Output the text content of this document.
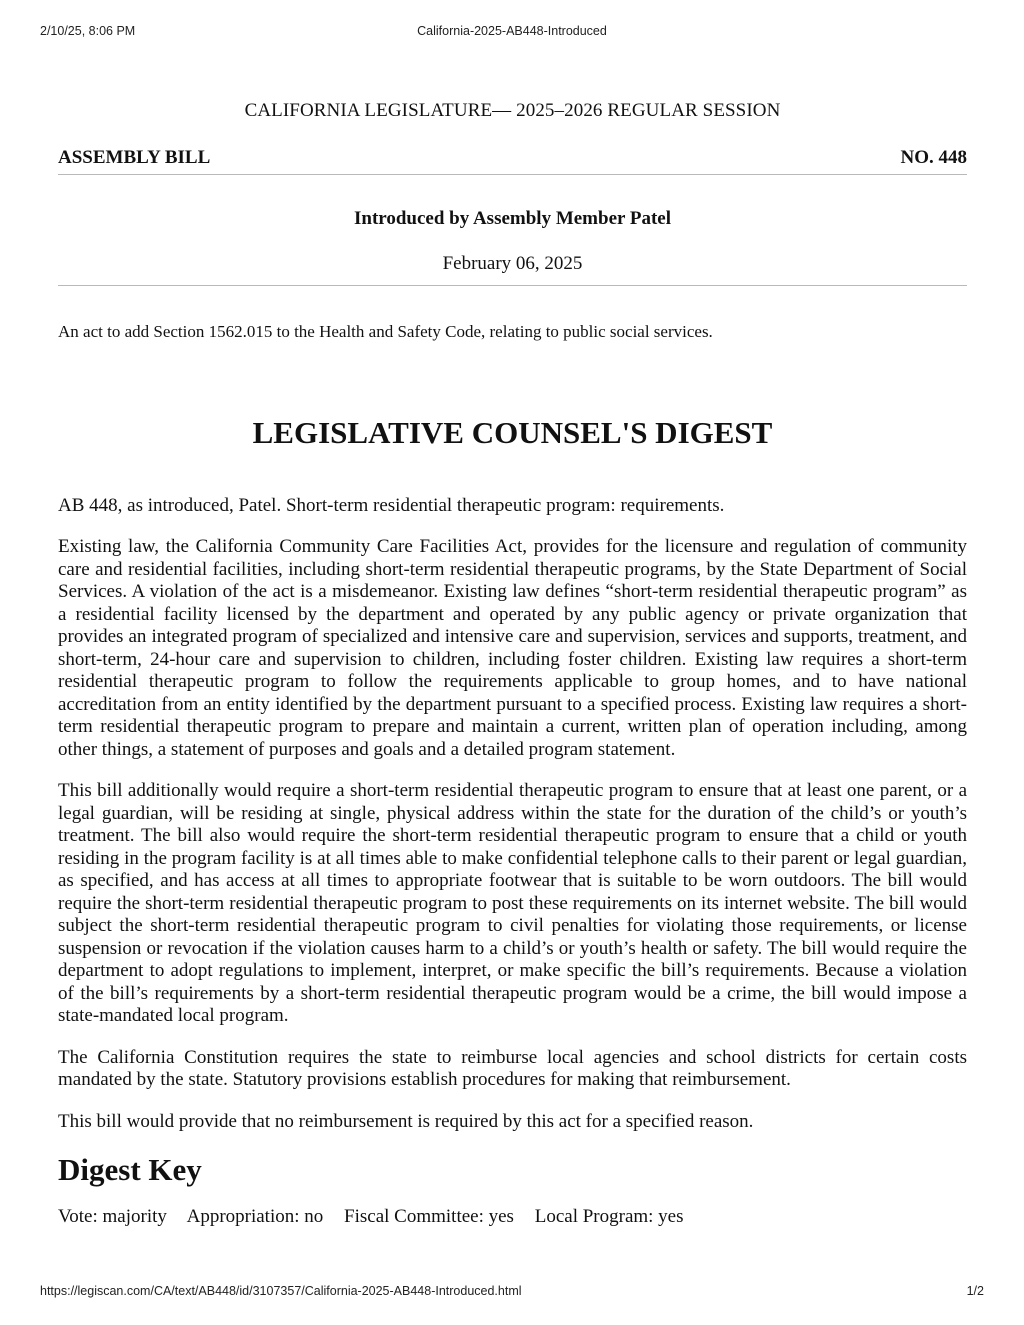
2/10/25, 8:06 PM	California-2025-AB448-Introduced

CALIFORNIA LEGISLATURE— 2025–2026 REGULAR SESSION

ASSEMBLY BILL	NO. 448
Introduced by Assembly Member Patel
February 06, 2025
An act to add Section 1562.015 to the Health and Safety Code, relating to public social services.
LEGISLATIVE COUNSEL'S DIGEST

AB 448, as introduced, Patel. Short-term residential therapeutic program: requirements.

Existing law, the California Community Care Facilities Act, provides for the licensure and regulation of community care and residential facilities, including short-term residential therapeutic programs, by the State Department of Social Services. A violation of the act is a misdemeanor. Existing law defines “short-term residential therapeutic program” as a residential facility licensed by the department and operated by any public agency or private organization that provides an integrated program of specialized and intensive care and supervision, services and supports, treatment, and short-term, 24-hour care and supervision to children, including foster children. Existing law requires a short-term residential therapeutic program to follow the requirements applicable to group homes, and to have national accreditation from an entity identified by the department pursuant to a specified process. Existing law requires a short-term residential therapeutic program to prepare and maintain a current, written plan of operation including, among other things, a statement of purposes and goals and a detailed program statement.

This bill additionally would require a short-term residential therapeutic program to ensure that at least one parent, or a legal guardian, will be residing at single, physical address within the state for the duration of the child’s or youth’s treatment. The bill also would require the short-term residential therapeutic program to ensure that a child or youth residing in the program facility is at all times able to make confidential telephone calls to their parent or legal guardian, as specified, and has access at all times to appropriate footwear that is suitable to be worn outdoors. The bill would require the short-term residential therapeutic program to post these requirements on its internet website. The bill would subject the short-term residential therapeutic program to civil penalties for violating those requirements, or license suspension or revocation if the violation causes harm to a child’s or youth’s health or safety. The bill would require the department to adopt regulations to implement, interpret, or make specific the bill’s requirements. Because a violation of the bill’s requirements by a short-term residential therapeutic program would be a crime, the bill would impose a state-mandated local program.

The California Constitution requires the state to reimburse local agencies and school districts for certain costs mandated by the state. Statutory provisions establish procedures for making that reimbursement.

This bill would provide that no reimbursement is required by this act for a specified reason.

Digest Key
Vote: majority Appropriation: no Fiscal Committee: yes Local Program: yes
https://legiscan.com/CA/text/AB448/id/3107357/California-2025-AB448-Introduced.html	1/2
